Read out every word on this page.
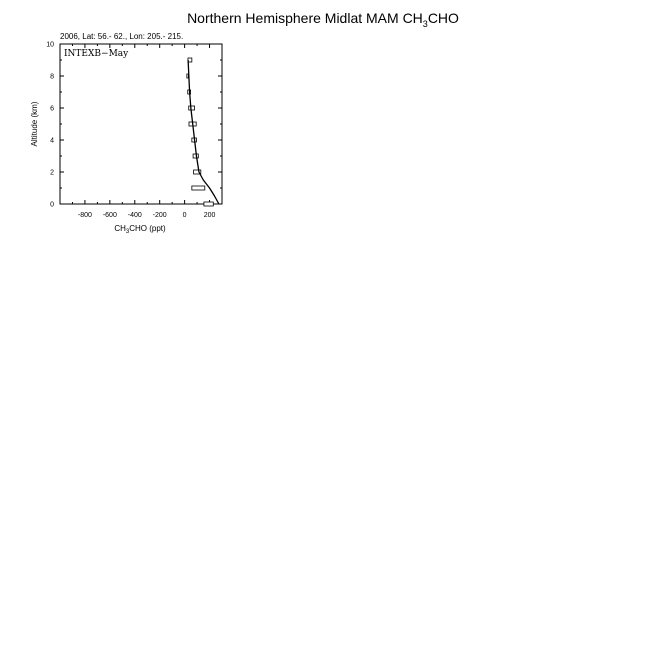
Northern Hemisphere Midlat MAM $CH_3CHO$
2006, Lat: 56.- 62., Lon: 205.- 215.
INTEXB−May
-800 -600 -400 -200 0 200
0
2
4
6
8
10
$CH_3CHO$ (ppt)
Altitude (km)
